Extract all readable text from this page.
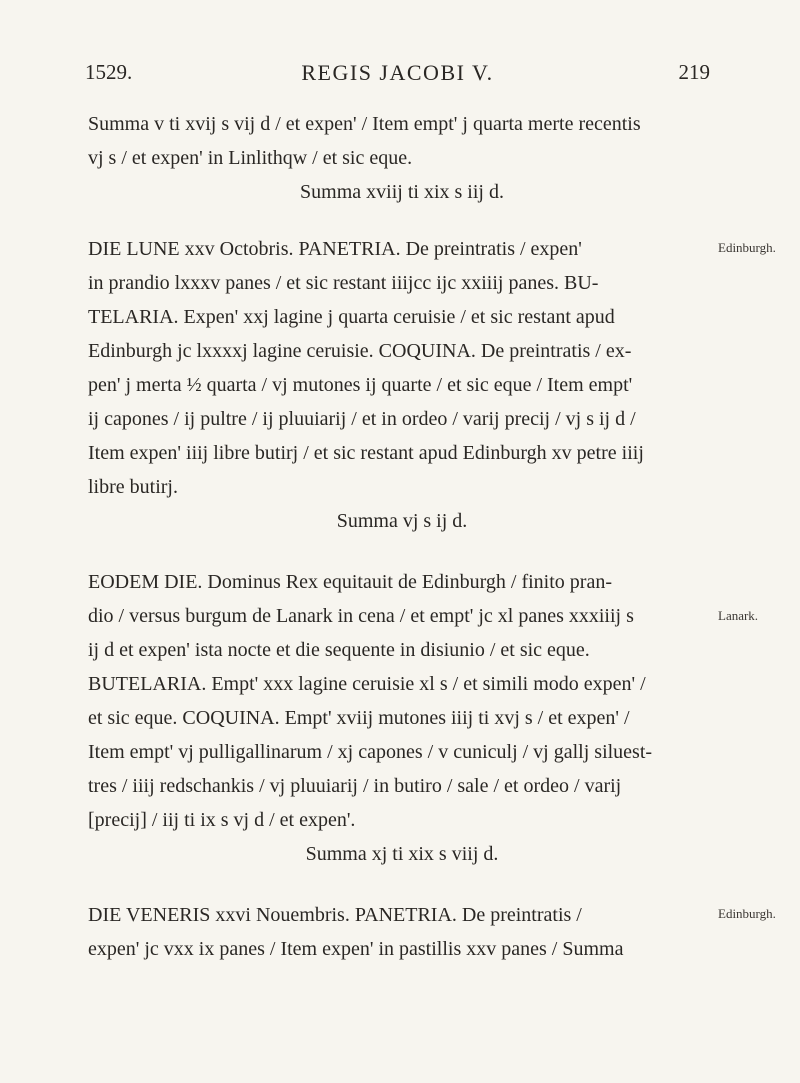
1529.	REGIS JACOBI V.	219
Summa v ti xvij s vij d / et expen' / Item empt' j quarta merte recentis
vj s / et expen' in Linlithqw / et sic eque.
Summa xviij ti xix s iij d.
DIE LUNE xxv Octobris. PANETRIA. De preintratis / expen'
in prandio lxxxv panes / et sic restant iiijcc ijc xxiiij panes. BU-
TELARIA. Expen' xxj lagine j quarta ceruisie / et sic restant apud
Edinburgh jc lxxxxj lagine ceruisie. COQUINA. De preintratis / ex-
pen' j merta ½ quarta / vj mutones ij quarte / et sic eque / Item empt'
ij capones / ij pultre / ij pluuiarij / et in ordeo / varij precij / vj s ij d /
Item expen' iiij libre butirj / et sic restant apud Edinburgh xv petre iiij
libre butirj.
Summa vj s ij d.
EODEM DIE. Dominus Rex equitauit de Edinburgh / finito pran-
dio / versus burgum de Lanark in cena / et empt' jc xl panes xxxiiij s
ij d et expen' ista nocte et die sequente in disiunio / et sic eque.
BUTELARIA. Empt' xxx lagine ceruisie xl s / et simili modo expen' /
et sic eque. COQUINA. Empt' xviij mutones iiij ti xvj s / et expen' /
Item empt' vj pulligallinarum / xj capones / v cuniculj / vj gallj siluest-
tres / iiij redschankis / vj pluuiarij / in butiro / sale / et ordeo / varij
[precij] / iij ti ix s vj d / et expen'.
Summa xj ti xix s viij d.
DIE VENERIS xxvi Nouembris. PANETRIA. De preintratis /
expen' jc vxx ix panes / Item expen' in pastillis xxv panes / Summa
Edinburgh.
Lanark.
Edinburgh.
